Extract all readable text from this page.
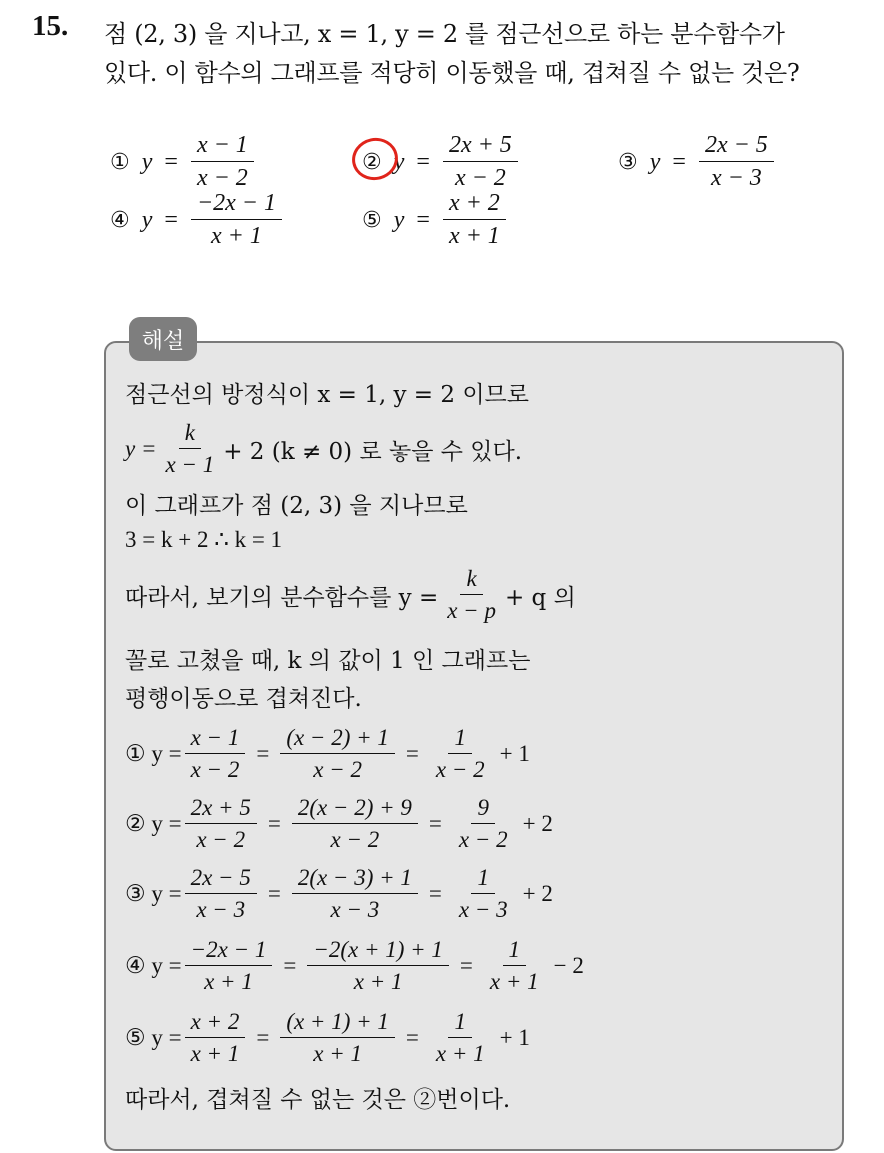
15. 점 (2, 3) 을 지나고, x = 1, y = 2 를 점근선으로 하는 분수함수가
있다. 이 함수의 그래프를 적당히 이동했을 때, 겹쳐질 수 없는 것은?
① $y = \frac{x - 1}{x - 2}$	② $y = \frac{2x + 5}{x - 2}$	③ $y = \frac{2x - 5}{x - 3}$
④ $y = \frac{-2x - 1}{x + 1}$	⑤ $y = \frac{x + 2}{x + 1}$
해설
점근선의 방정식이 x = 1, y = 2 이므로
$y = \frac{k}{x - 1} + 2$ (k ≠ 0) 로 놓을 수 있다.
이 그래프가 점 (2, 3) 을 지나므로
3 = k + 2 ∴ k = 1
따라서, 보기의 분수함수를 $y = \frac{k}{x - p} + q$ 의
꼴로 고쳤을 때, k 의 값이 1 인 그래프는
평행이동으로 겹쳐진다.
① $y = \frac{x - 1}{x - 2} = \frac{(x - 2) + 1}{x - 2} = \frac{1}{x - 2} + 1$
② $y = \frac{2x + 5}{x - 2} = \frac{2(x - 2) + 9}{x - 2} = \frac{9}{x - 2} + 2$
③ $y = \frac{2x - 5}{x - 3} = \frac{2(x - 3) + 1}{x - 3} = \frac{1}{x - 3} + 2$
④ $y = \frac{-2x - 1}{x + 1} = \frac{-2(x + 1) + 1}{x + 1} = \frac{1}{x + 1} - 2$
⑤ $y = \frac{x + 2}{x + 1} = \frac{(x + 1) + 1}{x + 1} = \frac{1}{x + 1} + 1$
따라서, 겹쳐질 수 없는 것은 ②번이다.
